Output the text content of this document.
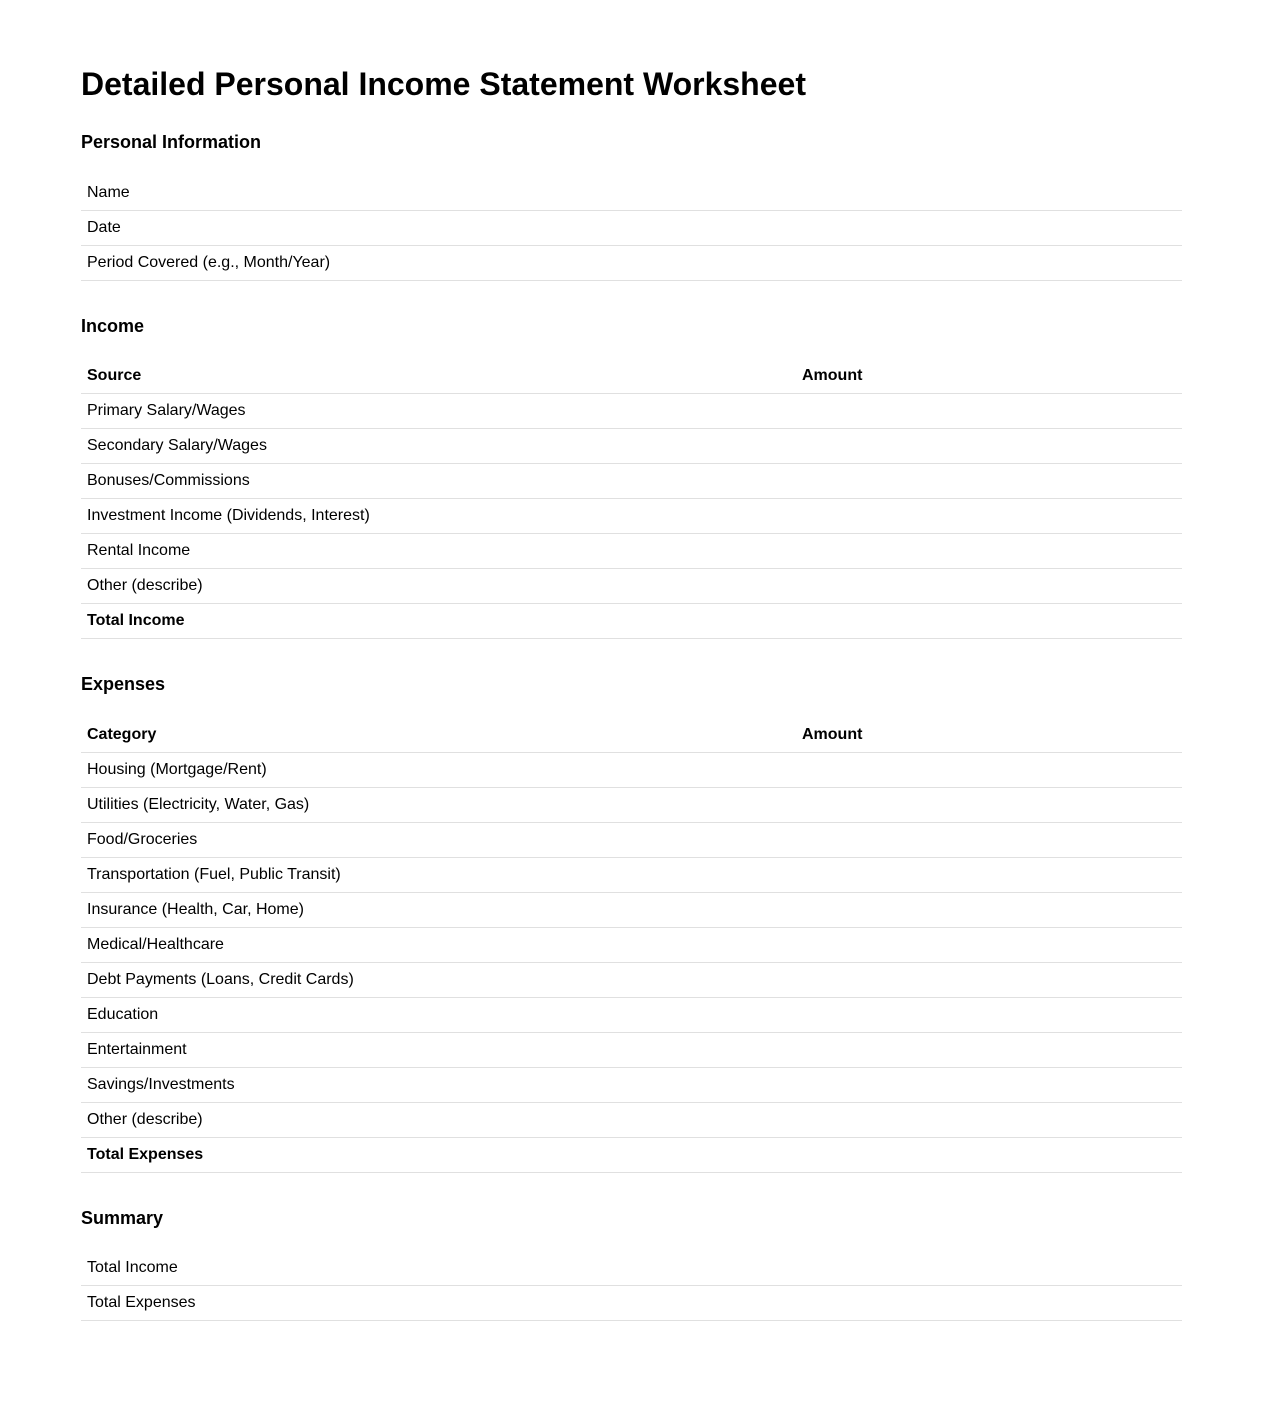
Detailed Personal Income Statement Worksheet
Personal Information
Name
Date
Period Covered (e.g., Month/Year)
Income
Source	Amount
Primary Salary/Wages	
Secondary Salary/Wages	
Bonuses/Commissions	
Investment Income (Dividends, Interest)	
Rental Income	
Other (describe)	
Total Income	
Expenses
Category	Amount
Housing (Mortgage/Rent)	
Utilities (Electricity, Water, Gas)	
Food/Groceries	
Transportation (Fuel, Public Transit)	
Insurance (Health, Car, Home)	
Medical/Healthcare	
Debt Payments (Loans, Credit Cards)	
Education	
Entertainment	
Savings/Investments	
Other (describe)	
Total Expenses	
Summary
Total Income
Total Expenses
